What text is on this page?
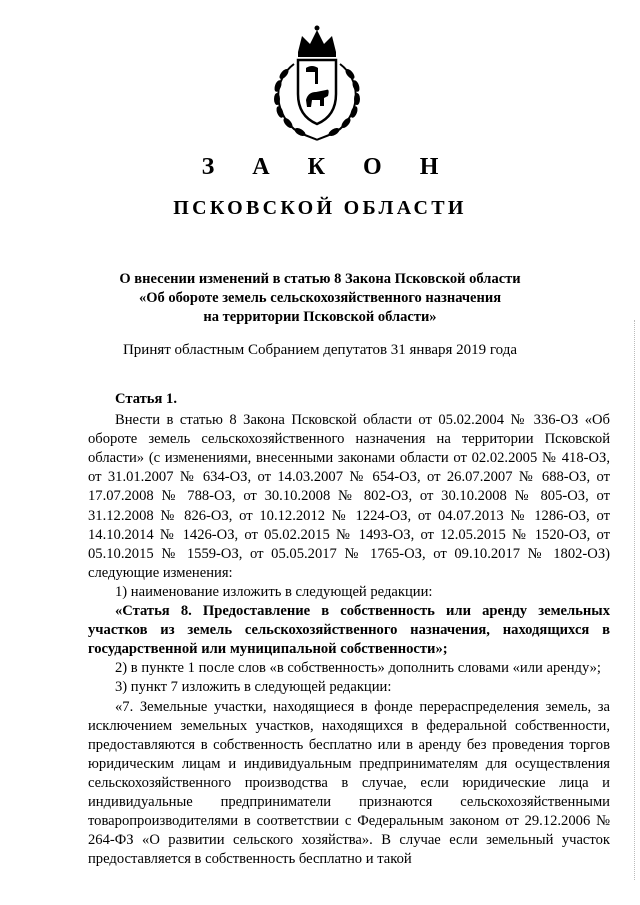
З А К О Н
ПСКОВСКОЙ ОБЛАСТИ
О внесении изменений в статью 8 Закона Псковской области
«Об обороте земель сельскохозяйственного назначения
на территории Псковской области»
Принят областным Собранием депутатов 31 января 2019 года

Статья 1.

Внести в статью 8 Закона Псковской области от 05.02.2004 № 336-ОЗ «Об обороте земель сельскохозяйственного назначения на территории Псковской области» (с изменениями, внесенными законами области от 02.02.2005 № 418-ОЗ, от 31.01.2007 № 634-ОЗ, от 14.03.2007 № 654-ОЗ, от 26.07.2007 № 688-ОЗ, от 17.07.2008 № 788-ОЗ, от 30.10.2008 № 802-ОЗ, от 30.10.2008 № 805-ОЗ, от 31.12.2008 № 826-ОЗ, от 10.12.2012 № 1224-ОЗ, от 04.07.2013 № 1286-ОЗ, от 14.10.2014 № 1426-ОЗ, от 05.02.2015 № 1493-ОЗ, от 12.05.2015 № 1520-ОЗ, от 05.10.2015 № 1559-ОЗ, от 05.05.2017 № 1765-ОЗ, от 09.10.2017 № 1802-ОЗ) следующие изменения:

1) наименование изложить в следующей редакции:

«Статья 8. Предоставление в собственность или аренду земельных участков из земель сельскохозяйственного назначения, находящихся в государственной или муниципальной собственности»;

2) в пункте 1 после слов «в собственность» дополнить словами «или аренду»;

3) пункт 7 изложить в следующей редакции:

«7. Земельные участки, находящиеся в фонде перераспределения земель, за исключением земельных участков, находящихся в федеральной собственности, предоставляются в собственность бесплатно или в аренду без проведения торгов юридическим лицам и индивидуальным предпринимателям для осуществления сельскохозяйственного производства в случае, если юридические лица и индивидуальные предприниматели признаются сельскохозяйственными товаропроизводителями в соответствии с Федеральным законом от 29.12.2006 № 264-ФЗ «О развитии сельского хозяйства». В случае если земельный участок предоставляется в собственность бесплатно и такой
